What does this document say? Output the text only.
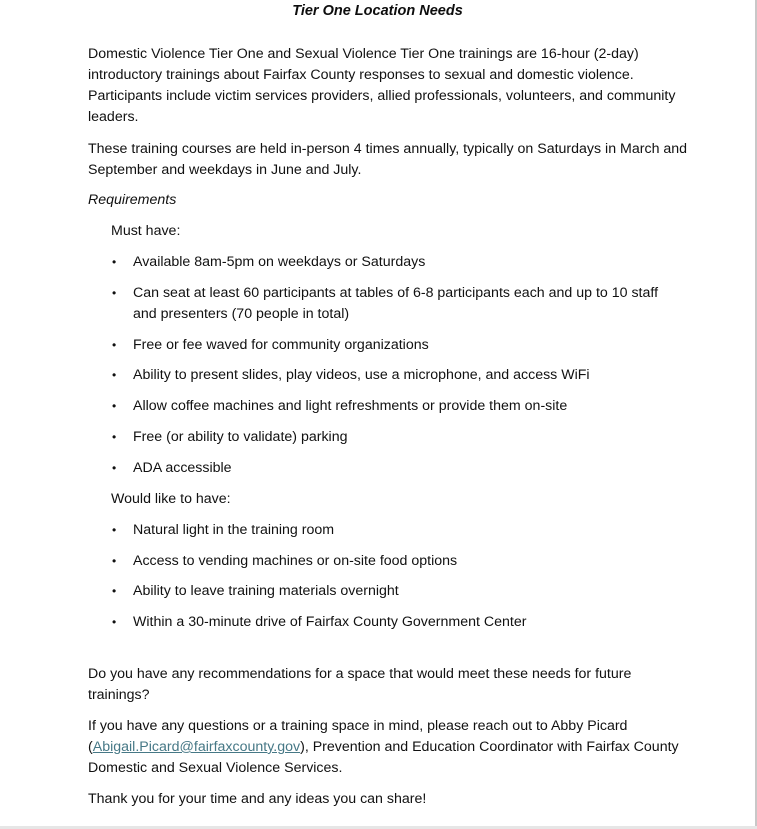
Tier One Location Needs

Domestic Violence Tier One and Sexual Violence Tier One trainings are 16-hour (2-day) introductory trainings about Fairfax County responses to sexual and domestic violence. Participants include victim services providers, allied professionals, volunteers, and community leaders.

These training courses are held in-person 4 times annually, typically on Saturdays in March and September and weekdays in June and July.

Requirements
Must have:
•	Available 8am-5pm on weekdays or Saturdays
•	Can seat at least 60 participants at tables of 6-8 participants each and up to 10 staff and presenters (70 people in total)
•	Free or fee waved for community organizations
•	Ability to present slides, play videos, use a microphone, and access WiFi
•	Allow coffee machines and light refreshments or provide them on-site
•	Free (or ability to validate) parking
•	ADA accessible
Would like to have:
•	Natural light in the training room
•	Access to vending machines or on-site food options
•	Ability to leave training materials overnight
•	Within a 30-minute drive of Fairfax County Government Center

Do you have any recommendations for a space that would meet these needs for future trainings?

If you have any questions or a training space in mind, please reach out to Abby Picard (Abigail.Picard@fairfaxcounty.gov), Prevention and Education Coordinator with Fairfax County Domestic and Sexual Violence Services.

Thank you for your time and any ideas you can share!
